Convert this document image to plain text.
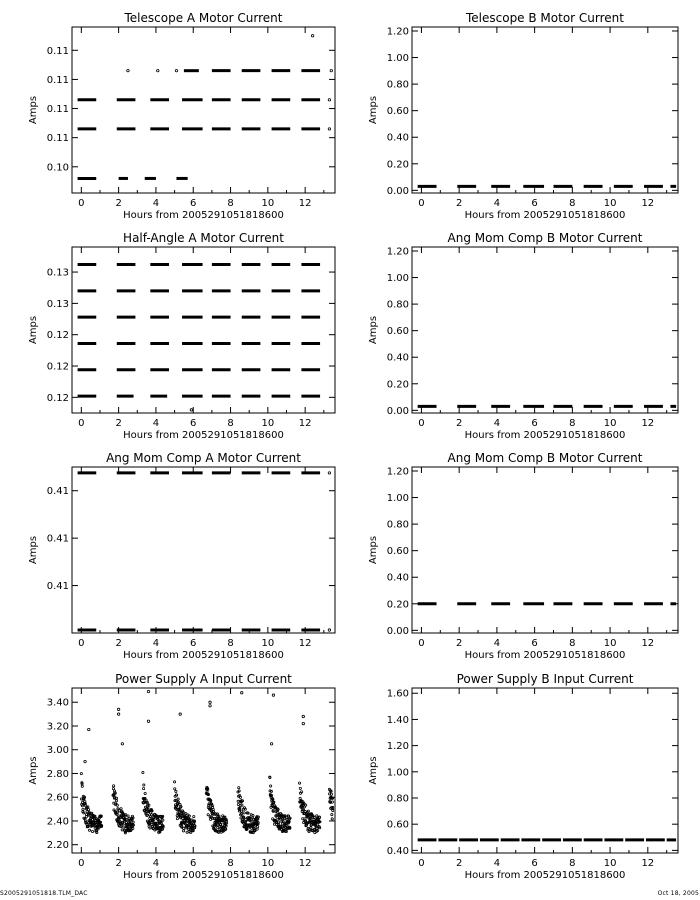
Telescope A Motor Current
0	2	4	6	8	10 12
0.10
0.11
0.11
0.11
0.11
Hours from 2005291051818600
Amps
Telescope B Motor Current
0	2	4	6	8	10 12
0.00
0.20
0.40
0.60
0.80
1.00
1.20
Hours from 2005291051818600
Amps
Half-Angle A Motor Current
0	2	4	6	8	10 12
0.12
0.12
0.12
0.13
0.13
Hours from 2005291051818600
Amps
Ang Mom Comp B Motor Current
0	2	4	6	8	10 12
0.00
0.20
0.40
0.60
0.80
1.00
1.20
Hours from 2005291051818600
Amps
Ang Mom Comp A Motor Current
0	2	4	6	8	10 12
0.41
0.41
0.41
Hours from 2005291051818600
Amps
Ang Mom Comp B Motor Current
0	2	4	6	8	10 12
0.00
0.20
0.40
0.60
0.80
1.00
1.20
Hours from 2005291051818600
Amps
Power Supply A Input Current
0	2	4	6	8	10 12
2.20
2.40
2.60
2.80
3.00
3.20
3.40
Hours from 2005291051818600
Amps
Power Supply B Input Current
0	2	4	6	8	10 12
0.40
0.60
0.80
1.00
1.20
1.40
1.60
Hours from 2005291051818600
Amps
S2005291051818.TLM_DAC	Oct 18, 2005
